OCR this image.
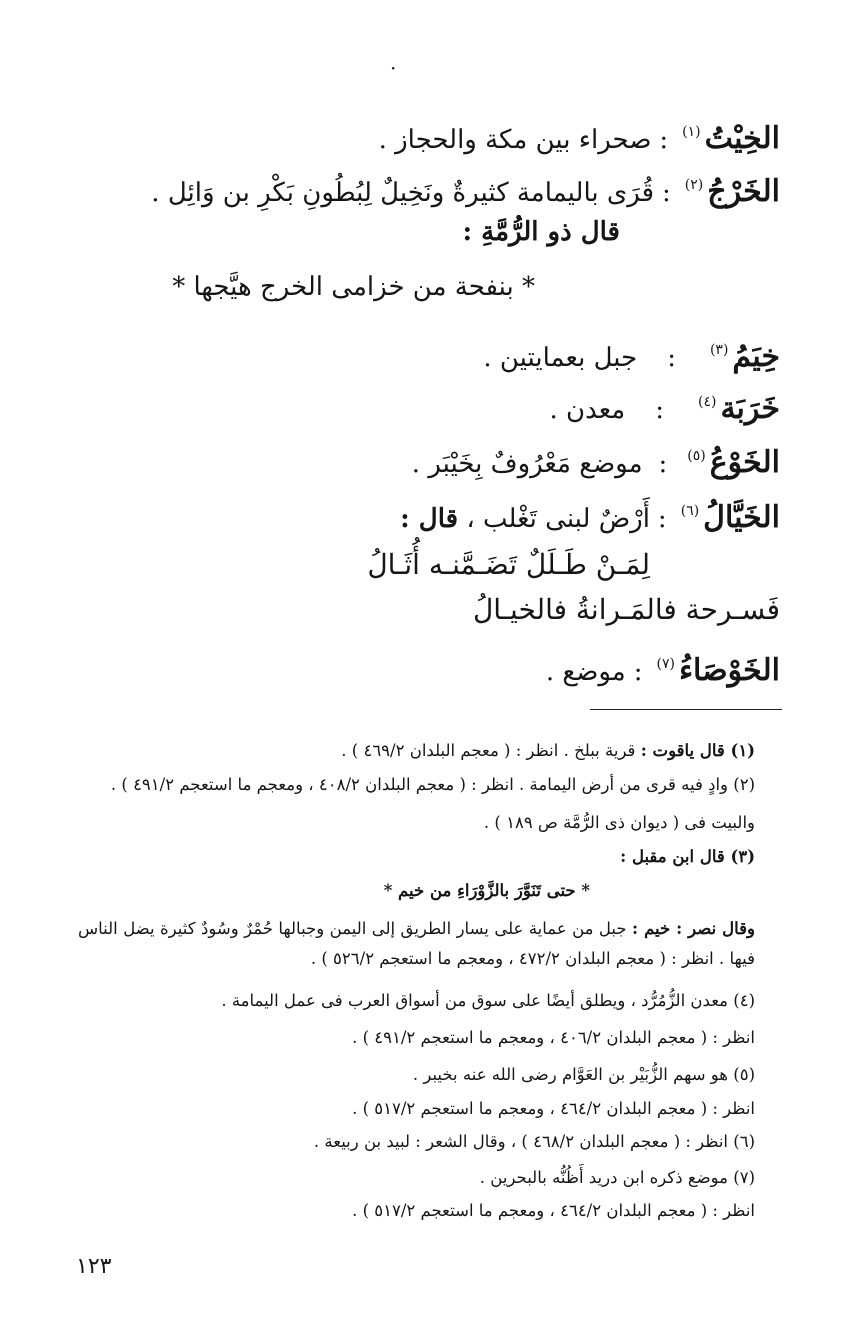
·
الخِيْتُ$^{(١)}$:صحراء بين مكة والحجاز .
الخَرْجُ$^{(٢)}$:قُرَى باليمامة كثيرةٌ ونَخِيلٌ لِبُطُونِ بَكْرِ بن وَائِل .
قال ذو الرُّمَّةِ :
* بنفحة من خزامى الخرج هيَّجها *
خِيَمُ$^{(٣)}$:جبل بعمايتين .
خَرَبَة$^{(٤)}$:معدن .
الخَوْعُ$^{(٥)}$:موضع مَعْرُوفٌ بِخَيْبَر .
الخَيَّالُ$^{(٦)}$:أَرْضٌ لبنى تَغْلب ، قال :
لِمَـنْ طَـلَلٌ تَضَـمَّنـه أُثَـالُ
فَسـرحة فالمَـرانةُ فالخيـالُ
الخَوْصَاءُ$^{(٧)}$:موضع .
(١) قال ياقوت : قرية ببلخ . انظر : ( معجم البلدان ٤٦٩/٢ ) .
(٢) وادٍ فيه قرى من أرض اليمامة . انظر : ( معجم البلدان ٤٠٨/٢ ، ومعجم ما استعجم ٤٩١/٢ ) .
والبيت فى ( ديوان ذى الرُّمَّة ص ١٨٩ ) .
(٣) قال ابن مقبل :
* حتى تَنَوَّرَ بالزَّوْرَاءِ من خيم *
وقال نصر : خيم : جبل من عماية على يسار الطريق إلى اليمن وجبالها حُمْرٌ وسُودٌ كثيرة يضل الناس فيها . انظر : ( معجم البلدان ٤٧٢/٢ ، ومعجم ما استعجم ٥٢٦/٢ ) .
(٤) معدن الزُّمُرُّد ، ويطلق أيضًا على سوق من أسواق العرب فى عمل اليمامة .
انظر : ( معجم البلدان ٤٠٦/٢ ، ومعجم ما استعجم ٤٩١/٢ ) .
(٥) هو سهم الزُّبَيْر بن العَوَّام رضى الله عنه بخيبر .
انظر : ( معجم البلدان ٤٦٤/٢ ، ومعجم ما استعجم ٥١٧/٢ ) .
(٦) انظر : ( معجم البلدان ٤٦٨/٢ ) ، وقال الشعر : لبيد بن ربيعة .
(٧) موضع ذكره ابن دريد أَظُنُّه بالبحرين .
انظر : ( معجم البلدان ٤٦٤/٢ ، ومعجم ما استعجم ٥١٧/٢ ) .
١٢٣
